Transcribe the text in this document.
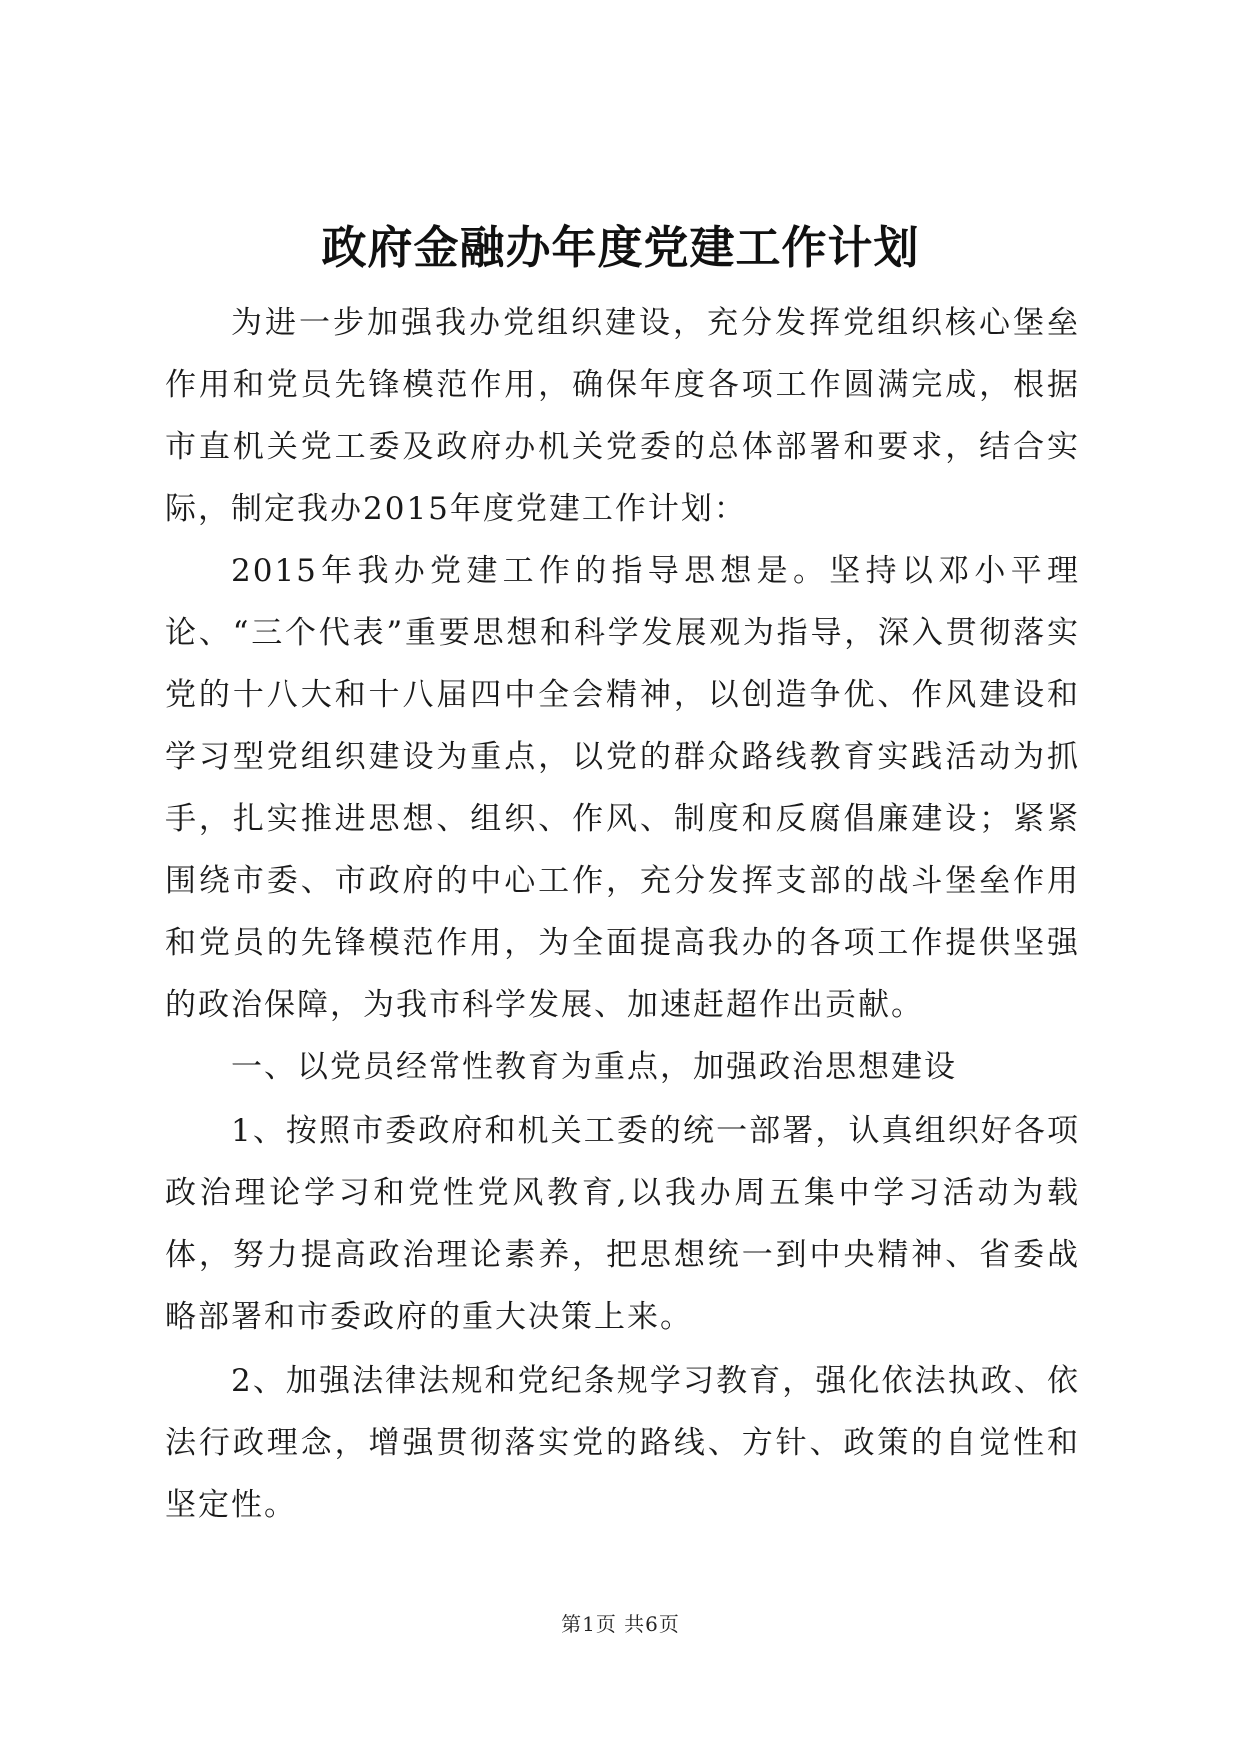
政府金融办年度党建工作计划

为进一步加强我办党组织建设，充分发挥党组织核心堡垒作用和党员先锋模范作用，确保年度各项工作圆满完成，根据市直机关党工委及政府办机关党委的总体部署和要求，结合实际，制定我办2015年度党建工作计划：

2015年我办党建工作的指导思想是。坚持以邓小平理论、“三个代表”重要思想和科学发展观为指导，深入贯彻落实党的十八大和十八届四中全会精神，以创造争优、作风建设和学习型党组织建设为重点，以党的群众路线教育实践活动为抓手，扎实推进思想、组织、作风、制度和反腐倡廉建设；紧紧围绕市委、市政府的中心工作，充分发挥支部的战斗堡垒作用和党员的先锋模范作用，为全面提高我办的各项工作提供坚强的政治保障，为我市科学发展、加速赶超作出贡献。

一、以党员经常性教育为重点，加强政治思想建设

1、按照市委政府和机关工委的统一部署，认真组织好各项政治理论学习和党性党风教育,以我办周五集中学习活动为载体，努力提高政治理论素养，把思想统一到中央精神、省委战略部署和市委政府的重大决策上来。

2、加强法律法规和党纪条规学习教育，强化依法执政、依法行政理念，增强贯彻落实党的路线、方针、政策的自觉性和坚定性。

第1页 共6页
